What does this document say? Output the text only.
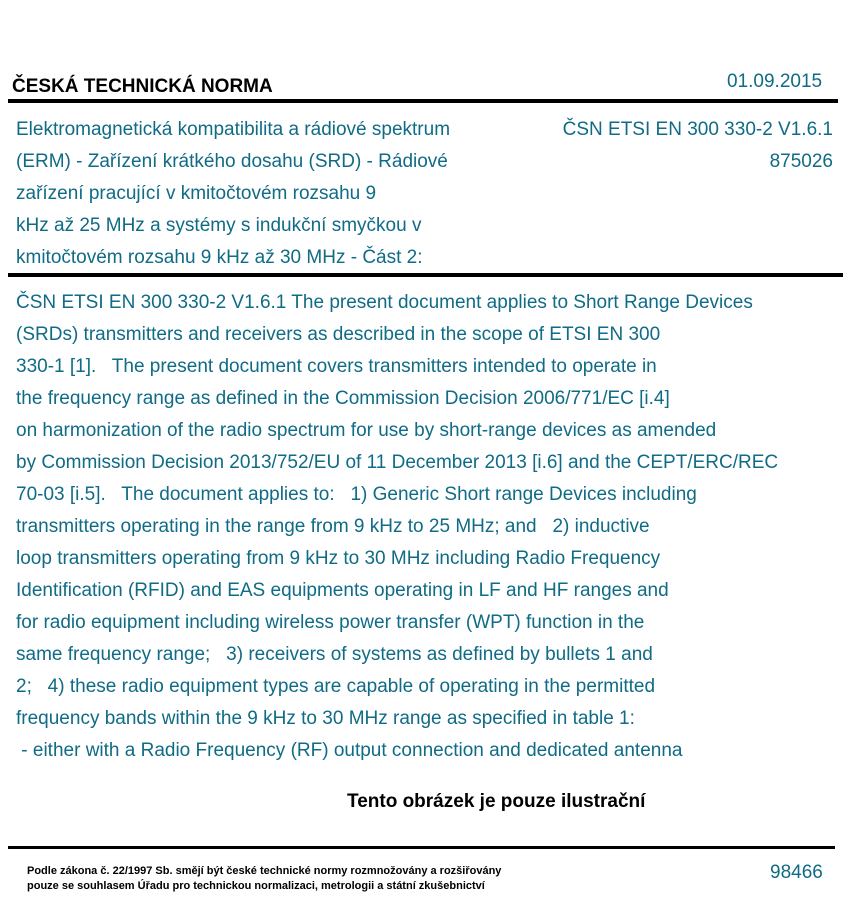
ČESKÁ TECHNICKÁ NORMA	01.09.2015
Elektromagnetická kompatibilita a rádiové spektrum
(ERM) - Zařízení krátkého dosahu (SRD) - Rádiové
zařízení pracující v kmitočtovém rozsahu 9
kHz až 25 MHz a systémy s indukční smyčkou v
kmitočtovém rozsahu 9 kHz až 30 MHz - Část 2:
ČSN ETSI EN 300 330-2 V1.6.1
875026
ČSN ETSI EN 300 330-2 V1.6.1 The present document applies to Short Range Devices
(SRDs) transmitters and receivers as described in the scope of ETSI EN 300
330-1 [1].   The present document covers transmitters intended to operate in
the frequency range as defined in the Commission Decision 2006/771/EC [i.4]
on harmonization of the radio spectrum for use by short-range devices as amended
by Commission Decision 2013/752/EU of 11 December 2013 [i.6] and the CEPT/ERC/REC
70-03 [i.5].   The document applies to:   1) Generic Short range Devices including
transmitters operating in the range from 9 kHz to 25 MHz; and   2) inductive
loop transmitters operating from 9 kHz to 30 MHz including Radio Frequency
Identification (RFID) and EAS equipments operating in LF and HF ranges and
for radio equipment including wireless power transfer (WPT) function in the
same frequency range;   3) receivers of systems as defined by bullets 1 and
2;   4) these radio equipment types are capable of operating in the permitted
frequency bands within the 9 kHz to 30 MHz range as specified in table 1:
- either with a Radio Frequency (RF) output connection and dedicated antenna
Tento obrázek je pouze ilustrační
Podle zákona č. 22/1997 Sb. smějí být české technické normy rozmnožovány a rozšiřovány
pouze se souhlasem Úřadu pro technickou normalizaci, metrologii a státní zkušebnictví
98466
